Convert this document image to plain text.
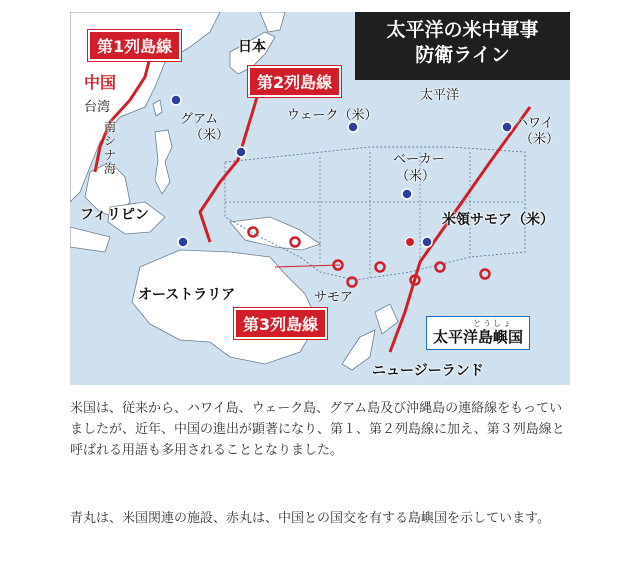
太平洋の米中軍事
防衛ライン
第1列島線
第2列島線
第3列島線
中国
日本
台湾
南シナ海
フィリピン
グアム
（米）
ウェーク（米）
太平洋
ハワイ
（米）
ベーカー
（米）
米領サモア（米）
サモア
オーストラリア
ニュージーランド
とうしょ
太平洋島嶼国
米国は、従来から、ハワイ島、ウェーク島、グアム島及び沖縄島の連絡線をもっていましたが、近年、中国の進出が顕著になり、第１、第２列島線に加え、第３列島線と呼ばれる用語も多用されることとなりました。
青丸は、米国関連の施設、赤丸は、中国との国交を有する島嶼国を示しています。
